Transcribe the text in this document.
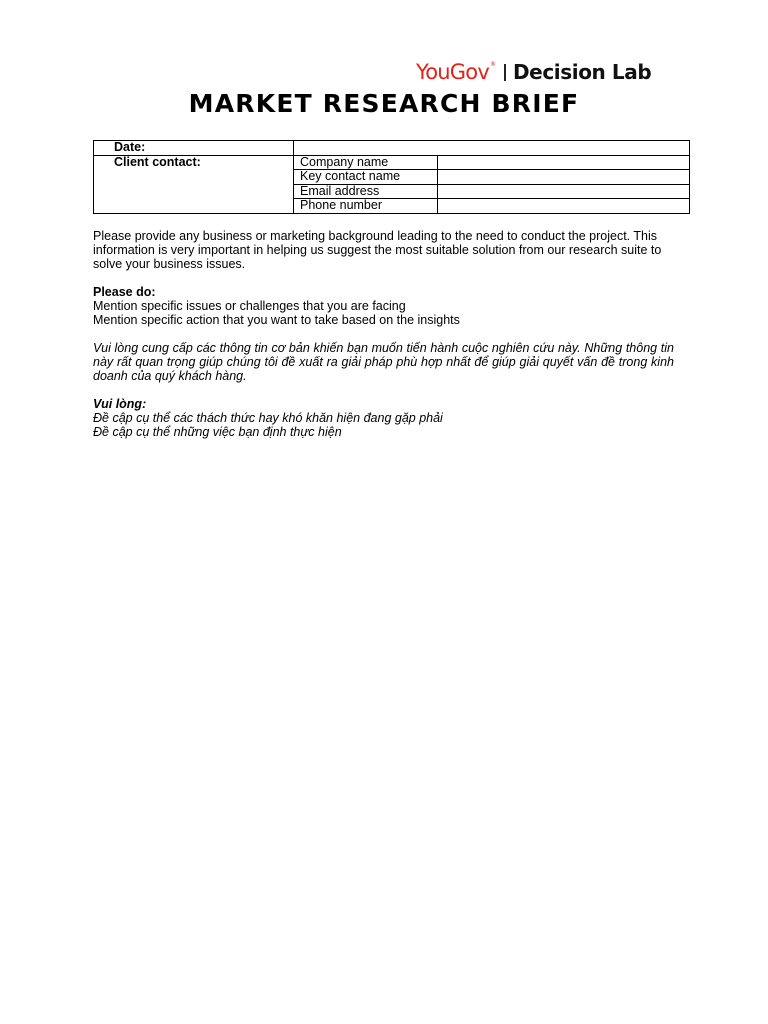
YouGov ® Decision Lab
MARKET RESEARCH BRIEF
Date:		
Client contact:	Company name	
	Key contact name	
	Email address	
	Phone number	

Please provide any business or marketing background leading to the need to conduct the project. This information is very important in helping us suggest the most suitable solution from our research suite to solve your business issues.

Please do:
Mention specific issues or challenges that you are facing
Mention specific action that you want to take based on the insights

Vui lòng cung cấp các thông tin cơ bản khiến bạn muốn tiến hành cuộc nghiên cứu này. Những thông tin này rất quan trọng giúp chúng tôi đề xuất ra giải pháp phù hợp nhất để giúp giải quyết vấn đề trong kinh doanh của quý khách hàng.

Vui lòng:
Đề cập cụ thể các thách thức hay khó khăn hiện đang gặp phải
Đề cập cụ thể những việc bạn định thực hiện
